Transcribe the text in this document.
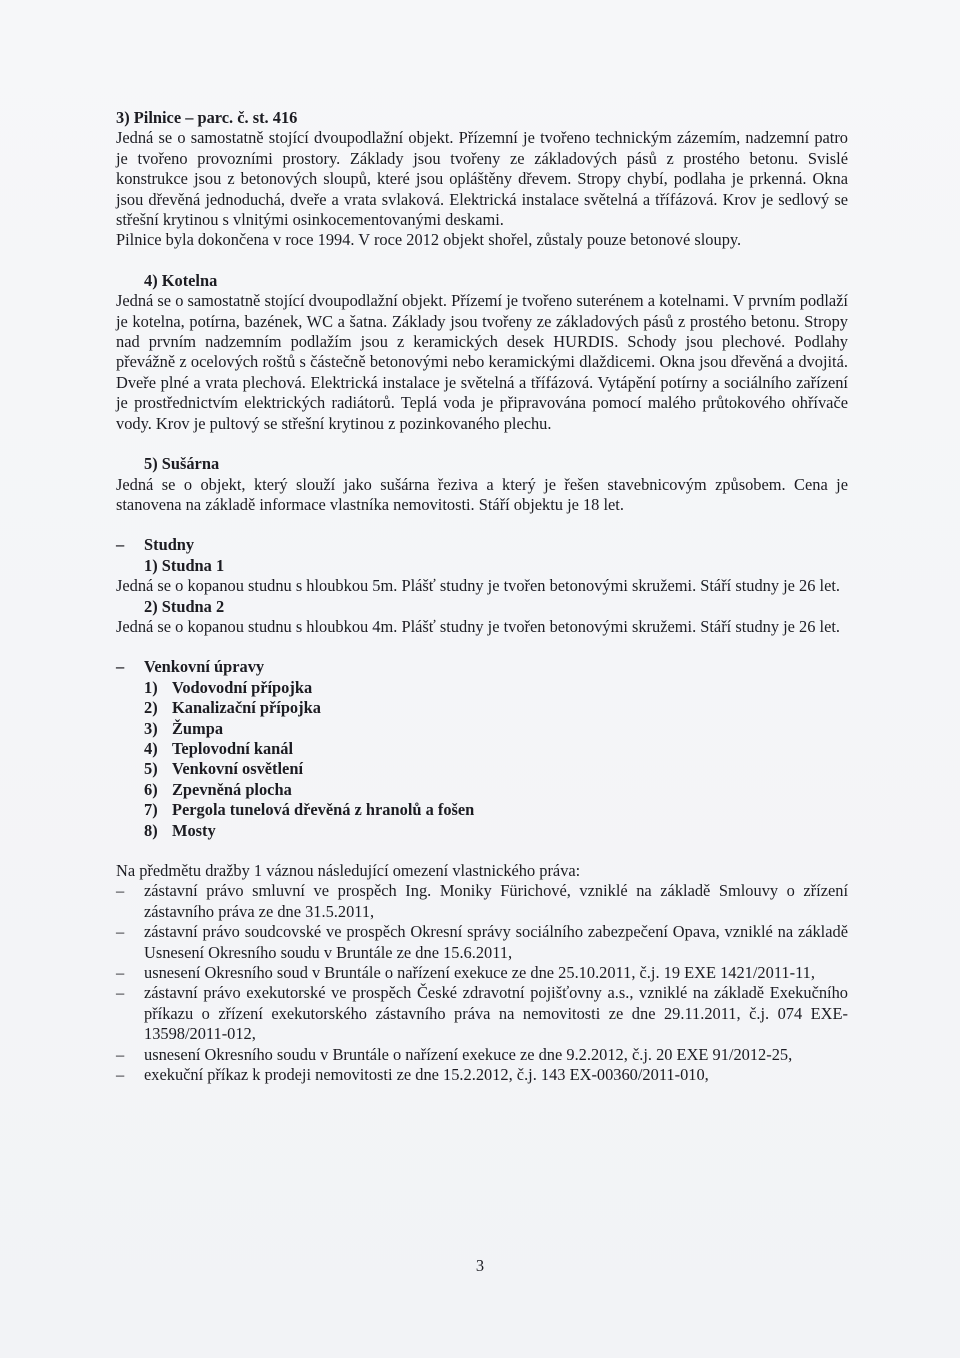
3) Pilnice – parc. č. st. 416

Jedná se o samostatně stojící dvoupodlažní objekt. Přízemní je tvořeno technickým zázemím, nadzemní patro je tvořeno provozními prostory. Základy jsou tvořeny ze základových pásů z prostého betonu. Svislé konstrukce jsou z betonových sloupů, které jsou opláštěny dřevem. Stropy chybí, podlaha je prkenná. Okna jsou dřevěná jednoduchá, dveře a vrata svlaková. Elektrická instalace světelná a třífázová. Krov je sedlový se střešní krytinou s vlnitými osinkocementovanými deskami.

Pilnice byla dokončena v roce 1994. V roce 2012 objekt shořel, zůstaly pouze betonové sloupy.

4) Kotelna

Jedná se o samostatně stojící dvoupodlažní objekt. Přízemí je tvořeno suterénem a kotelnami. V prvním podlaží je kotelna, potírna, bazének, WC a šatna. Základy jsou tvořeny ze základových pásů z prostého betonu. Stropy nad prvním nadzemním podlažím jsou z keramických desek HURDIS. Schody jsou plechové. Podlahy převážně z ocelových roštů s částečně betonovými nebo keramickými dlaždicemi. Okna jsou dřevěná a dvojitá. Dveře plné a vrata plechová. Elektrická instalace je světelná a třífázová. Vytápění potírny a sociálního zařízení je prostřednictvím elektrických radiátorů. Teplá voda je připravována pomocí malého průtokového ohřívače vody. Krov je pultový se střešní krytinou z pozinkovaného plechu.

5) Sušárna

Jedná se o objekt, který slouží jako sušárna řeziva a který je řešen stavebnicovým způsobem. Cena je stanovena na základě informace vlastníka nemovitosti. Stáří objektu je 18 let.

– Studny

1) Studna 1

Jedná se o kopanou studnu s hloubkou 5m. Plášť studny je tvořen betonovými skružemi. Stáří studny je 26 let.

2) Studna 2

Jedná se o kopanou studnu s hloubkou 4m. Plášť studny je tvořen betonovými skružemi. Stáří studny je 26 let.

– Venkovní úpravy

1) Vodovodní přípojka
2) Kanalizační přípojka
3) Žumpa
4) Teplovodní kanál
5) Venkovní osvětlení
6) Zpevněná plocha
7) Pergola tunelová dřevěná z hranolů a fošen
8) Mosty

Na předmětu dražby 1 váznou následující omezení vlastnického práva:

– zástavní právo smluvní ve prospěch Ing. Moniky Fürichové, vzniklé na základě Smlouvy o zřízení zástavního práva ze dne 31.5.2011,

– zástavní právo soudcovské ve prospěch Okresní správy sociálního zabezpečení Opava, vzniklé na základě Usnesení Okresního soudu v Bruntále ze dne 15.6.2011,

– usnesení Okresního soud v Bruntále o nařízení exekuce ze dne 25.10.2011, č.j. 19 EXE 1421/2011-11,

– zástavní právo exekutorské ve prospěch České zdravotní pojišťovny a.s., vzniklé na základě Exekučního příkazu o zřízení exekutorského zástavního práva na nemovitosti ze dne 29.11.2011, č.j. 074 EXE-13598/2011-012,

– usnesení Okresního soudu v Bruntále o nařízení exekuce ze dne 9.2.2012, č.j. 20 EXE 91/2012-25,

– exekuční příkaz k prodeji nemovitosti ze dne 15.2.2012, č.j. 143 EX-00360/2011-010,

3
